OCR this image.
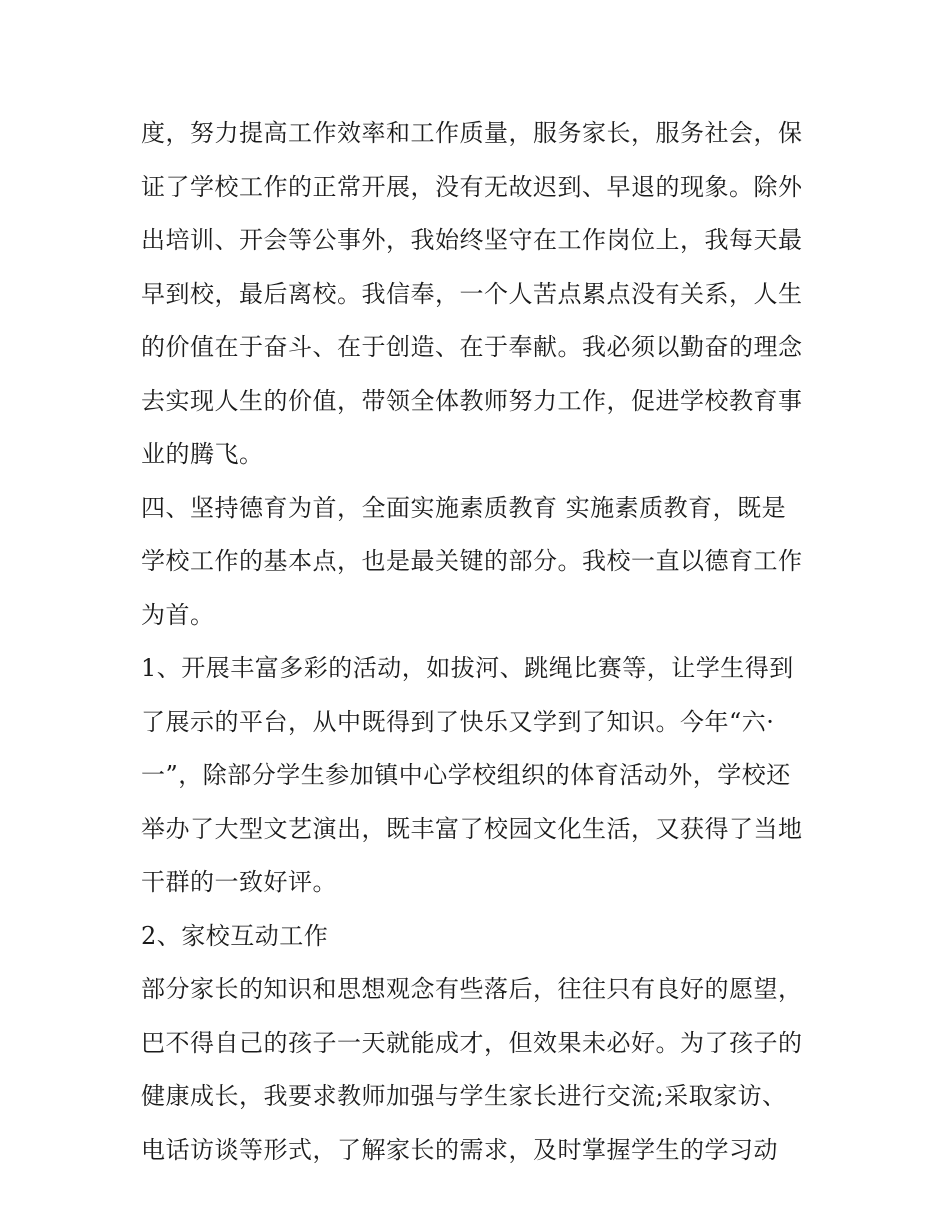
度，努力提高工作效率和工作质量，服务家长，服务社会，保
证了学校工作的正常开展，没有无故迟到、早退的现象。除外
出培训、开会等公事外，我始终坚守在工作岗位上，我每天最
早到校，最后离校。我信奉，一个人苦点累点没有关系，人生
的价值在于奋斗、在于创造、在于奉献。我必须以勤奋的理念
去实现人生的价值，带领全体教师努力工作，促进学校教育事
业的腾飞。
四、坚持德育为首，全面实施素质教育 实施素质教育，既是
学校工作的基本点，也是最关键的部分。我校一直以德育工作
为首。
1、开展丰富多彩的活动，如拔河、跳绳比赛等，让学生得到
了展示的平台，从中既得到了快乐又学到了知识。今年“六·
一”，除部分学生参加镇中心学校组织的体育活动外，学校还
举办了大型文艺演出，既丰富了校园文化生活，又获得了当地
干群的一致好评。
2、家校互动工作
部分家长的知识和思想观念有些落后，往往只有良好的愿望，
巴不得自己的孩子一天就能成才，但效果未必好。为了孩子的
健康成长，我要求教师加强与学生家长进行交流;采取家访、
电话访谈等形式，了解家长的需求，及时掌握学生的学习动
